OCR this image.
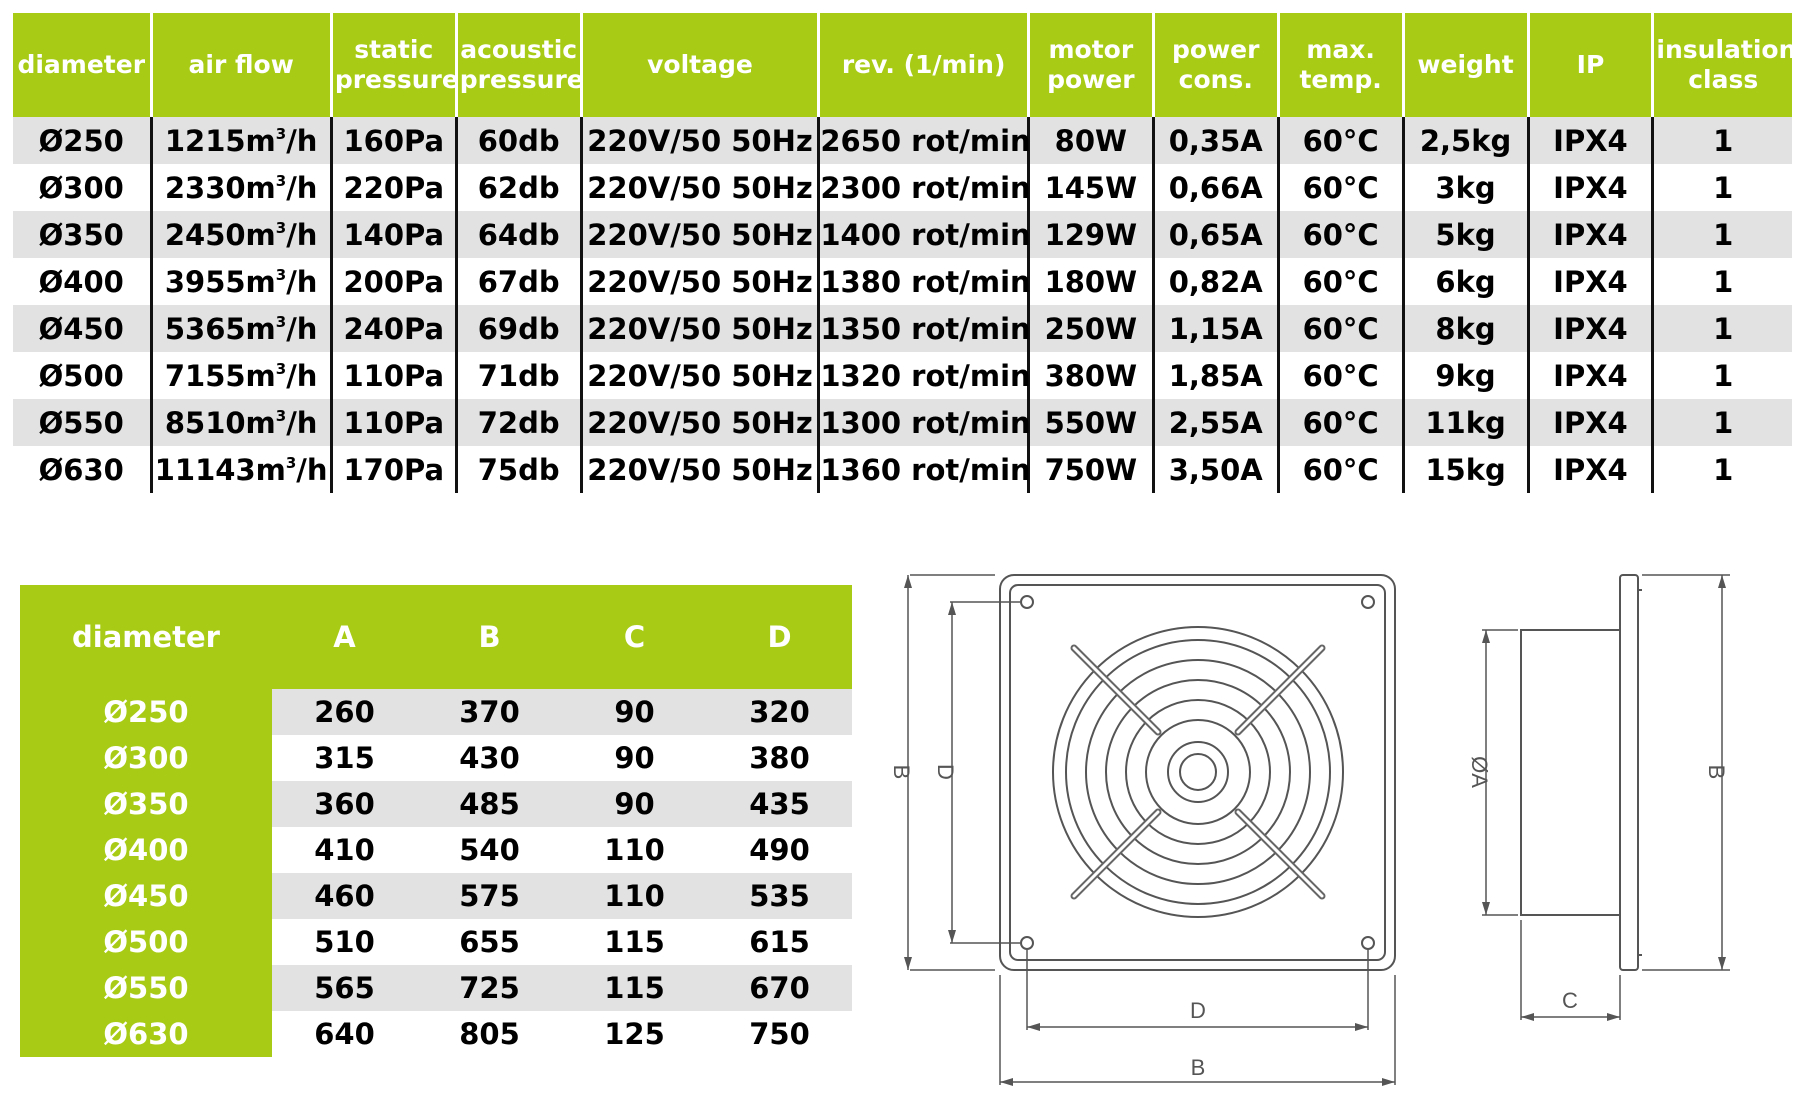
diameter	air flow	static pressure	acoustic pressure	voltage	rev. (1/min)	motor power	power cons.	max. temp.	weight	IP	insulation class
Ø250	$1215m^3/h$	160Pa	60db	220V/50 50Hz	2650 rot/min	80W	0,35A	60°C	2,5kg	IPX4	1
Ø300	$2330m^3/h$	220Pa	62db	220V/50 50Hz	2300 rot/min	145W	0,66A	60°C	3kg	IPX4	1
Ø350	$2450m^3/h$	140Pa	64db	220V/50 50Hz	1400 rot/min	129W	0,65A	60°C	5kg	IPX4	1
Ø400	$3955m^3/h$	200Pa	67db	220V/50 50Hz	1380 rot/min	180W	0,82A	60°C	6kg	IPX4	1
Ø450	$5365m^3/h$	240Pa	69db	220V/50 50Hz	1350 rot/min	250W	1,15A	60°C	8kg	IPX4	1
Ø500	$7155m^3/h$	110Pa	71db	220V/50 50Hz	1320 rot/min	380W	1,85A	60°C	9kg	IPX4	1
Ø550	$8510m^3/h$	110Pa	72db	220V/50 50Hz	1300 rot/min	550W	2,55A	60°C	11kg	IPX4	1
Ø630	$11143m^3/h$	170Pa	75db	220V/50 50Hz	1360 rot/min	750W	3,50A	60°C	15kg	IPX4	1
diameter	A	B	C	D
Ø250	260	370	90	320
Ø300	315	430	90	380
Ø350	360	485	90	435
Ø400	410	540	110	490
Ø450	460	575	110	535
Ø500	510	655	115	615
Ø550	565	725	115	670
Ø630	640	805	125	750
B D
D
B
ØA	B
C
